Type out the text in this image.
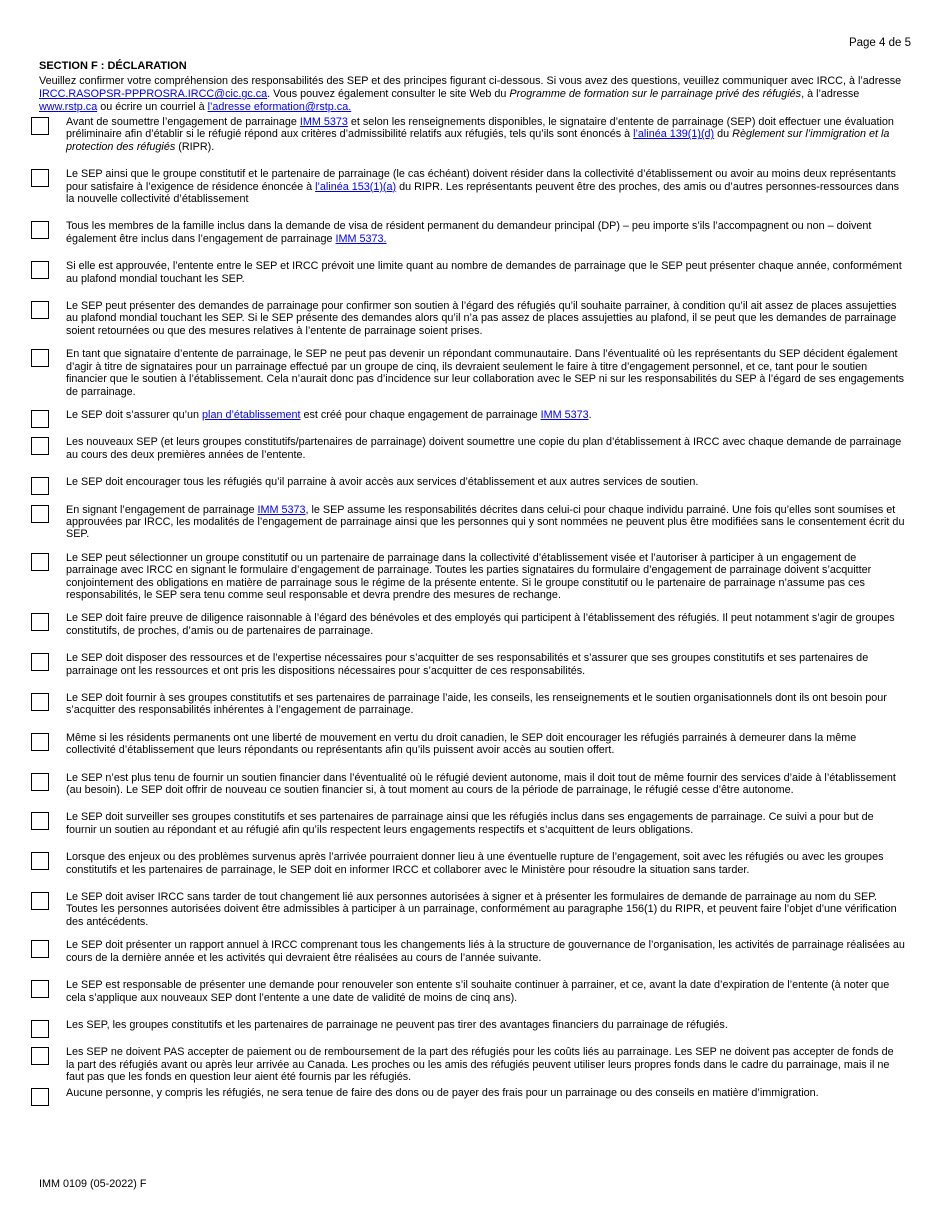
Page 4 de 5
SECTION F : DÉCLARATION
Veuillez confirmer votre compréhension des responsabilités des SEP et des principes figurant ci-dessous. Si vous avez des questions, veuillez communiquer avec IRCC, à l’adresse IRCC.RASOPSR-PPPROSRA.IRCC@cic.gc.ca. Vous pouvez également consulter le site Web du Programme de formation sur le parrainage privé des réfugiés, à l’adresse www.rstp.ca ou écrire un courriel à l’adresse eformation@rstp.ca.
Avant de soumettre l’engagement de parrainage IMM 5373 et selon les renseignements disponibles, le signataire d’entente de parrainage (SEP) doit effectuer une évaluation préliminaire afin d’établir si le réfugié répond aux critères d’admissibilité relatifs aux réfugiés, tels qu’ils sont énoncés à l’alinéa 139(1)(d) du Règlement sur l’immigration et la protection des réfugiés (RIPR).
Le SEP ainsi que le groupe constitutif et le partenaire de parrainage (le cas échéant) doivent résider dans la collectivité d’établissement ou avoir au moins deux représentants pour satisfaire à l’exigence de résidence énoncée à l’alinéa 153(1)(a) du RIPR. Les représentants peuvent être des proches, des amis ou d’autres personnes-ressources dans la nouvelle collectivité d’établissement
Tous les membres de la famille inclus dans la demande de visa de résident permanent du demandeur principal (DP) – peu importe s’ils l’accompagnent ou non – doivent également être inclus dans l’engagement de parrainage IMM 5373.
Si elle est approuvée, l’entente entre le SEP et IRCC prévoit une limite quant au nombre de demandes de parrainage que le SEP peut présenter chaque année, conformément au plafond mondial touchant les SEP.
Le SEP peut présenter des demandes de parrainage pour confirmer son soutien à l’égard des réfugiés qu’il souhaite parrainer, à condition qu’il ait assez de places assujetties au plafond mondial touchant les SEP. Si le SEP présente des demandes alors qu’il n’a pas assez de places assujetties au plafond, il se peut que les demandes de parrainage soient retournées ou que des mesures relatives à l’entente de parrainage soient prises.
En tant que signataire d’entente de parrainage, le SEP ne peut pas devenir un répondant communautaire. Dans l’éventualité où les représentants du SEP décident également d’agir à titre de signataires pour un parrainage effectué par un groupe de cinq, ils devraient seulement le faire à titre d’engagement personnel, et ce, tant pour le soutien financier que le soutien à l’établissement. Cela n’aurait donc pas d’incidence sur leur collaboration avec le SEP ni sur les responsabilités du SEP à l’égard de ses engagements de parrainage.
Le SEP doit s’assurer qu’un plan d’établissement est créé pour chaque engagement de parrainage IMM 5373.
Les nouveaux SEP (et leurs groupes constitutifs/partenaires de parrainage) doivent soumettre une copie du plan d’établissement à IRCC avec chaque demande de parrainage au cours des deux premières années de l’entente.
Le SEP doit encourager tous les réfugiés qu’il parraine à avoir accès aux services d’établissement et aux autres services de soutien.
En signant l’engagement de parrainage IMM 5373, le SEP assume les responsabilités décrites dans celui-ci pour chaque individu parrainé. Une fois qu’elles sont soumises et approuvées par IRCC, les modalités de l’engagement de parrainage ainsi que les personnes qui y sont nommées ne peuvent plus être modifiées sans le consentement écrit du SEP.
Le SEP peut sélectionner un groupe constitutif ou un partenaire de parrainage dans la collectivité d’établissement visée et l’autoriser à participer à un engagement de parrainage avec IRCC en signant le formulaire d’engagement de parrainage. Toutes les parties signataires du formulaire d’engagement de parrainage doivent s’acquitter conjointement des obligations en matière de parrainage sous le régime de la présente entente. Si le groupe constitutif ou le partenaire de parrainage n’assume pas ces responsabilités, le SEP sera tenu comme seul responsable et devra prendre des mesures de rechange.
Le SEP doit faire preuve de diligence raisonnable à l’égard des bénévoles et des employés qui participent à l’établissement des réfugiés. Il peut notamment s’agir de groupes constitutifs, de proches, d’amis ou de partenaires de parrainage.
Le SEP doit disposer des ressources et de l’expertise nécessaires pour s’acquitter de ses responsabilités et s’assurer que ses groupes constitutifs et ses partenaires de parrainage ont les ressources et ont pris les dispositions nécessaires pour s’acquitter de ces responsabilités.
Le SEP doit fournir à ses groupes constitutifs et ses partenaires de parrainage l’aide, les conseils, les renseignements et le soutien organisationnels dont ils ont besoin pour s’acquitter des responsabilités inhérentes à l’engagement de parrainage.
Même si les résidents permanents ont une liberté de mouvement en vertu du droit canadien, le SEP doit encourager les réfugiés parrainés à demeurer dans la même collectivité d’établissement que leurs répondants ou représentants afin qu’ils puissent avoir accès au soutien offert.
Le SEP n’est plus tenu de fournir un soutien financier dans l’éventualité où le réfugié devient autonome, mais il doit tout de même fournir des services d’aide à l’établissement (au besoin). Le SEP doit offrir de nouveau ce soutien financier si, à tout moment au cours de la période de parrainage, le réfugié cesse d’être autonome.
Le SEP doit surveiller ses groupes constitutifs et ses partenaires de parrainage ainsi que les réfugiés inclus dans ses engagements de parrainage. Ce suivi a pour but de fournir un soutien au répondant et au réfugié afin qu’ils respectent leurs engagements respectifs et s’acquittent de leurs obligations.
Lorsque des enjeux ou des problèmes survenus après l’arrivée pourraient donner lieu à une éventuelle rupture de l’engagement, soit avec les réfugiés ou avec les groupes constitutifs et les partenaires de parrainage, le SEP doit en informer IRCC et collaborer avec le Ministère pour résoudre la situation sans tarder.
Le SEP doit aviser IRCC sans tarder de tout changement lié aux personnes autorisées à signer et à présenter les formulaires de demande de parrainage au nom du SEP. Toutes les personnes autorisées doivent être admissibles à participer à un parrainage, conformément au paragraphe 156(1) du RIPR, et peuvent faire l’objet d’une vérification des antécédents.
Le SEP doit présenter un rapport annuel à IRCC comprenant tous les changements liés à la structure de gouvernance de l’organisation, les activités de parrainage réalisées au cours de la dernière année et les activités qui devraient être réalisées au cours de l’année suivante.
Le SEP est responsable de présenter une demande pour renouveler son entente s’il souhaite continuer à parrainer, et ce, avant la date d’expiration de l’entente (à noter que cela s’applique aux nouveaux SEP dont l’entente a une date de validité de moins de cinq ans).
Les SEP, les groupes constitutifs et les partenaires de parrainage ne peuvent pas tirer des avantages financiers du parrainage de réfugiés.
Les SEP ne doivent PAS accepter de paiement ou de remboursement de la part des réfugiés pour les coûts liés au parrainage. Les SEP ne doivent pas accepter de fonds de la part des réfugiés avant ou après leur arrivée au Canada. Les proches ou les amis des réfugiés peuvent utiliser leurs propres fonds dans le cadre du parrainage, mais il ne faut pas que les fonds en question leur aient été fournis par les réfugiés.
Aucune personne, y compris les réfugiés, ne sera tenue de faire des dons ou de payer des frais pour un parrainage ou des conseils en matière d’immigration.
IMM 0109 (05-2022) F
